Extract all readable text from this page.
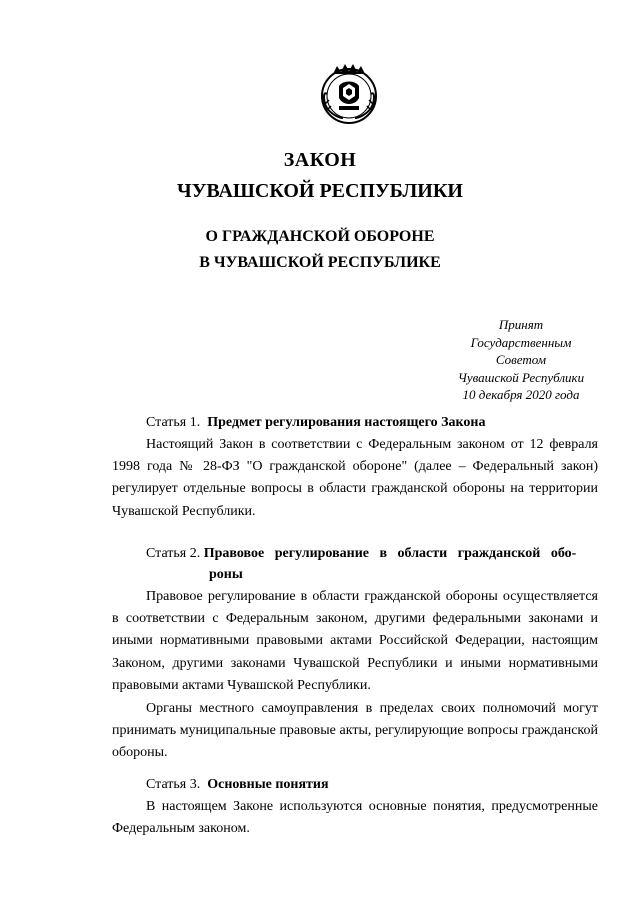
ЗАКОН
ЧУВАШСКОЙ РЕСПУБЛИКИ
О ГРАЖДАНСКОЙ ОБОРОНЕ
В ЧУВАШСКОЙ РЕСПУБЛИКЕ
Принят
Государственным Советом
Чувашской Республики
10 декабря 2020 года
Статья 1. Предмет регулирования настоящего Закона
Настоящий Закон в соответствии с Федеральным законом от 12 февраля 1998 года № 28-ФЗ "О гражданской обороне" (далее – Федеральный закон) регулирует отдельные вопросы в области гражданской обороны на территории Чувашской Республики.
Статья 2. Правовое регулирование в области гражданской обо-
роны
Правовое регулирование в области гражданской обороны осуществляется в соответствии с Федеральным законом, другими федеральными законами и иными нормативными правовыми актами Российской Федерации, настоящим Законом, другими законами Чувашской Республики и иными нормативными правовыми актами Чувашской Республики.
Органы местного самоуправления в пределах своих полномочий могут принимать муниципальные правовые акты, регулирующие вопросы гражданской обороны.
Статья 3. Основные понятия
В настоящем Законе используются основные понятия, предусмотренные Федеральным законом.
